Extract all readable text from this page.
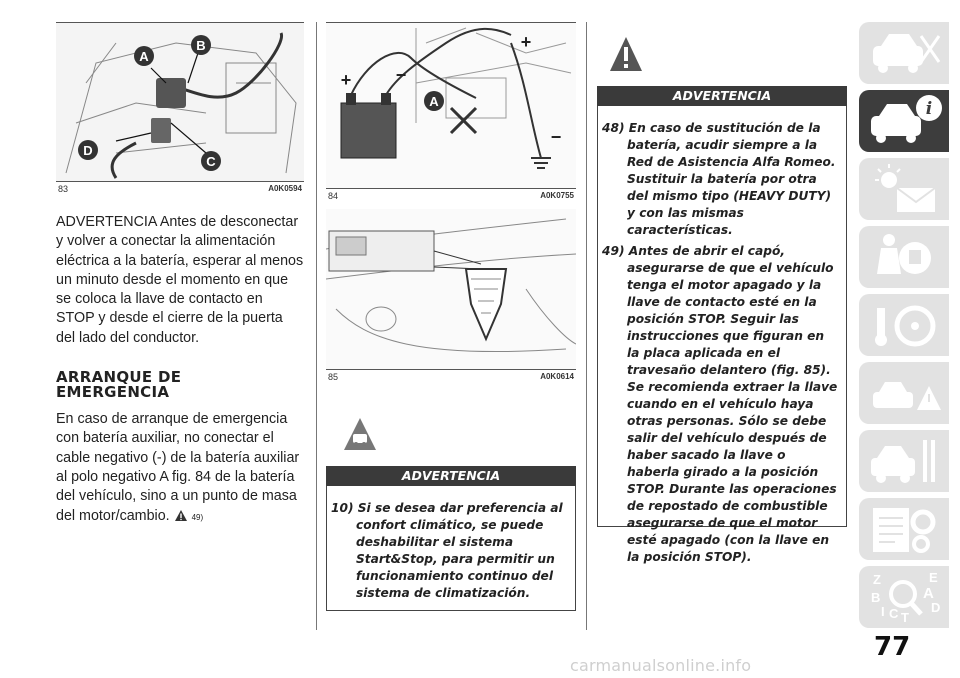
A
B
C
D
83	A0K0594

ADVERTENCIA Antes de desconectar y volver a conectar la alimentación eléctrica a la batería, esperar al menos un minuto desde el momento en que se coloca la llave de contacto en STOP y desde el cierre de la puerta del lado del conductor.

ARRANQUE DE EMERGENCIA

En caso de arranque de emergencia con batería auxiliar, no conectar el cable negativo (-) de la batería auxiliar al polo negativo A fig. 84 de la batería del vehículo, sino a un punto de masa del motor/cambio.	49)

A
+ −
+
−
84	A0K0755
85	A0K0614
ADVERTENCIA

10) Si se desea dar preferencia al confort climático, se puede deshabilitar el sistema Start&Stop, para permitir un funcionamiento continuo del sistema de climatización.

ADVERTENCIA

48) En caso de sustitución de la batería, acudir siempre a la Red de Asistencia Alfa Romeo. Sustituir la batería por otra del mismo tipo (HEAVY DUTY) y con las mismas características.

49) Antes de abrir el capó, asegurarse de que el vehículo tenga el motor apagado y la llave de contacto esté en la posición STOP. Seguir las instrucciones que figuran en la placa aplicada en el travesaño delantero (fig. 85). Se recomienda extraer la llave cuando en el vehículo haya otras personas. Sólo se debe salir del vehículo después de haber sacado la llave o haberla girado a la posición STOP. Durante las operaciones de repostado de combustible asegurarse de que el motor esté apagado (con la llave en la posición STOP).

i
Z	E
A
B
C	D
I T
77
carmanualsonline.info
